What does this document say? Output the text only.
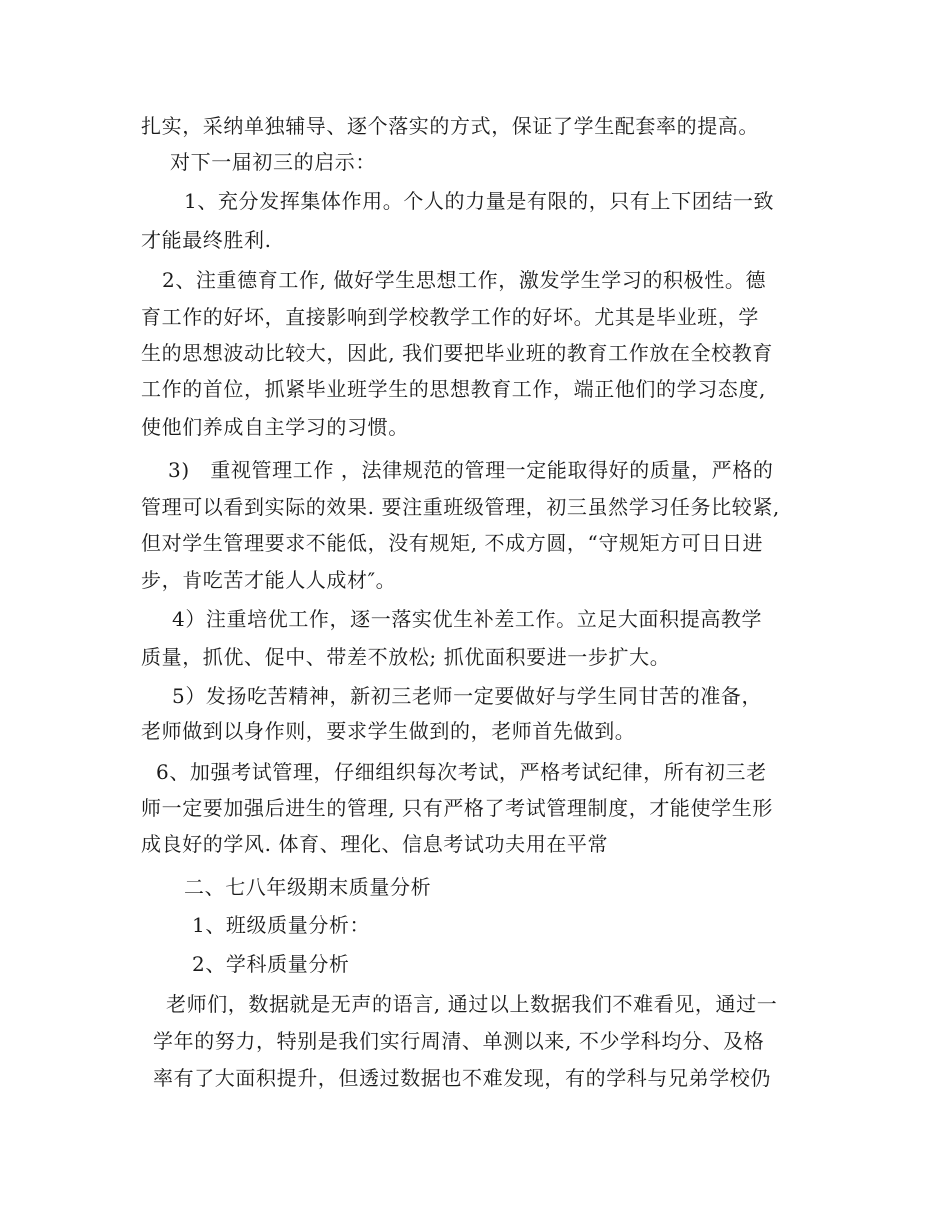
扎实，采纳单独辅导、逐个落实的方式，保证了学生配套率的提高。
对下一届初三的启示：
1、充分发挥集体作用。个人的力量是有限的，只有上下团结一致
才能最终胜利.
2、注重德育工作, 做好学生思想工作，激发学生学习的积极性。德
育工作的好坏，直接影响到学校教学工作的好坏。尤其是毕业班，学
生的思想波动比较大，因此, 我们要把毕业班的教育工作放在全校教育
工作的首位，抓紧毕业班学生的思想教育工作，端正他们的学习态度,
使他们养成自主学习的习惯。
3)　重视管理工作 ，法律规范的管理一定能取得好的质量，严格的
管理可以看到实际的效果. 要注重班级管理，初三虽然学习任务比较紧,
但对学生管理要求不能低，没有规矩, 不成方圆，“守规矩方可日日进
步，肯吃苦才能人人成材″。
4）注重培优工作，逐一落实优生补差工作。立足大面积提高教学
质量，抓优、促中、带差不放松; 抓优面积要进一步扩大。
5）发扬吃苦精神，新初三老师一定要做好与学生同甘苦的准备，
老师做到以身作则，要求学生做到的，老师首先做到。
6、加强考试管理，仔细组织每次考试，严格考试纪律，所有初三老
师一定要加强后进生的管理, 只有严格了考试管理制度，才能使学生形
成良好的学风. 体育、理化、信息考试功夫用在平常
二、七八年级期末质量分析
1、班级质量分析：
2、学科质量分析
老师们，数据就是无声的语言, 通过以上数据我们不难看见，通过一
学年的努力，特别是我们实行周清、单测以来, 不少学科均分、及格
率有了大面积提升，但透过数据也不难发现，有的学科与兄弟学校仍
